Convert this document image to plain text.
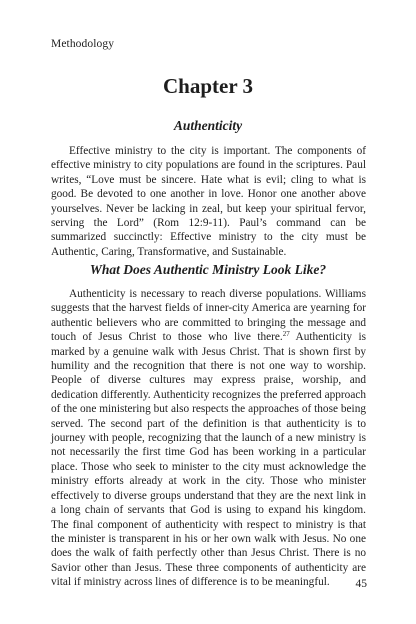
Methodology
Chapter 3
Authenticity

Effective ministry to the city is important. The components of effective ministry to city populations are found in the scriptures. Paul writes, “Love must be sincere. Hate what is evil; cling to what is good. Be devoted to one another in love. Honor one another above yourselves. Never be lacking in zeal, but keep your spiritual fervor, serving the Lord” (Rom 12:9-11). Paul’s command can be summarized succinctly: Effective ministry to the city must be Authentic, Caring, Transformative, and Sustainable.

What Does Authentic Ministry Look Like?

Authenticity is necessary to reach diverse populations. Williams suggests that the harvest fields of inner-city America are yearning for authentic believers who are committed to bringing the message and touch of Jesus Christ to those who live there.$^{27}$ Authenticity is marked by a genuine walk with Jesus Christ. That is shown first by humility and the recognition that there is not one way to worship. People of diverse cultures may express praise, worship, and dedication differently. Authenticity recognizes the preferred approach of the one ministering but also respects the approaches of those being served. The second part of the definition is that authenticity is to journey with people, recognizing that the launch of a new ministry is not necessarily the first time God has been working in a particular place. Those who seek to minister to the city must acknowledge the ministry efforts already at work in the city. Those who minister effectively to diverse groups understand that they are the next link in a long chain of servants that God is using to expand his kingdom. The final component of authenticity with respect to ministry is that the minister is transparent in his or her own walk with Jesus. No one does the walk of faith perfectly other than Jesus Christ. There is no Savior other than Jesus. These three components of authenticity are vital if ministry across lines of difference is to be meaningful.	45
